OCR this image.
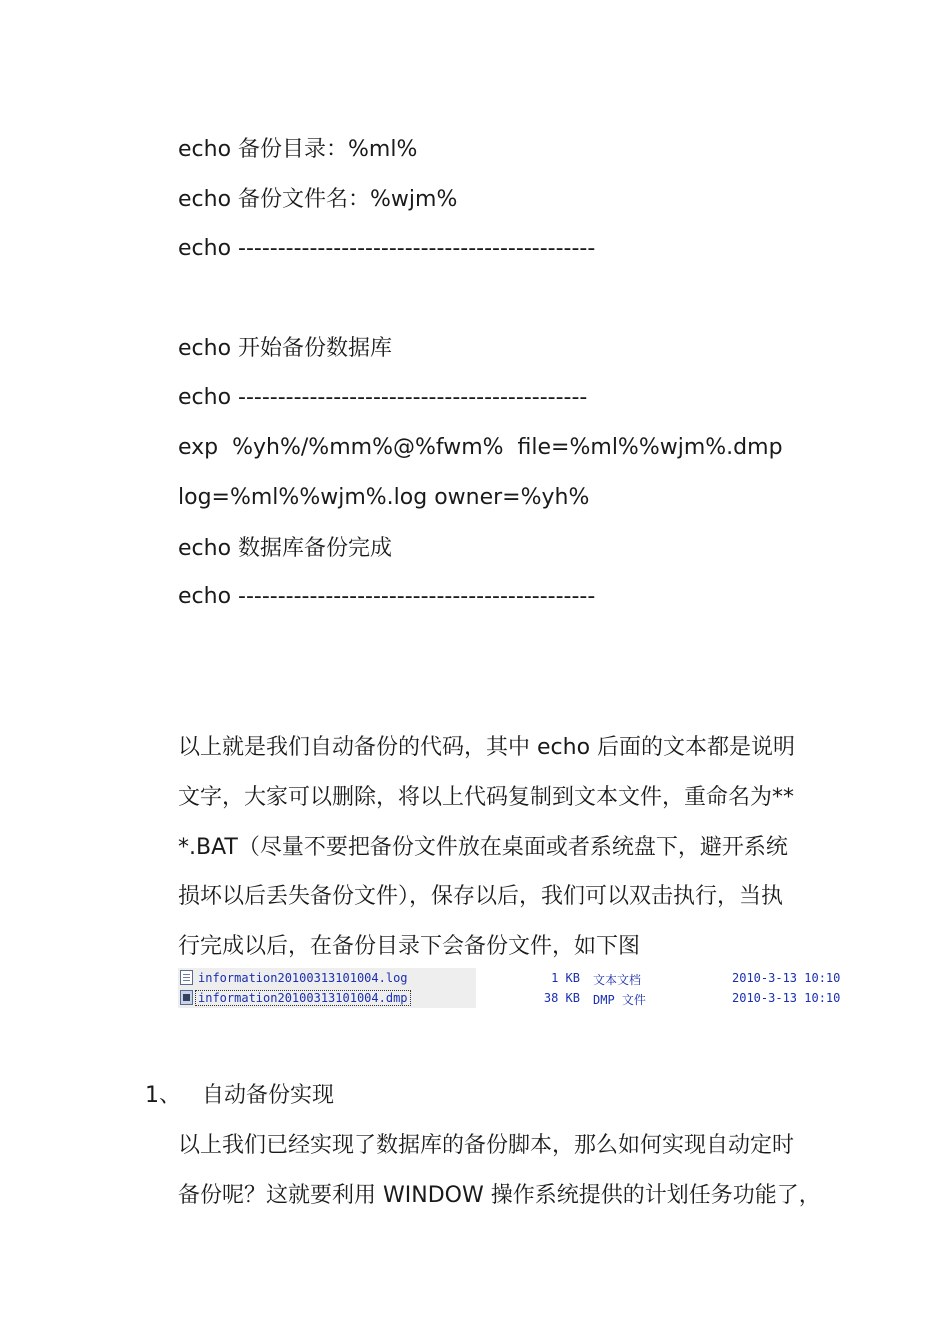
echo 备份目录：%ml%
echo 备份文件名：%wjm%
echo ---------------------------------------------
echo 开始备份数据库
echo --------------------------------------------
exp  %yh%/%mm%@%fwm%  file=%ml%%wjm%.dmp
log=%ml%%wjm%.log owner=%yh%
echo 数据库备份完成
echo ---------------------------------------------
以上就是我们自动备份的代码，其中 echo 后面的文本都是说明
文字，大家可以删除，将以上代码复制到文本文件，重命名为**
*.BAT（尽量不要把备份文件放在桌面或者系统盘下，避开系统
损坏以后丢失备份文件），保存以后，我们可以双击执行，当执
行完成以后，在备份目录下会备份文件，如下图
information20100313101004.log	1 KB 文本文档	2010-3-13 10:10
information20100313101004.dmp	38 KB DMP 文件	2010-3-13 10:10
1、 自动备份实现
以上我们已经实现了数据库的备份脚本，那么如何实现自动定时
备份呢？这就要利用 WINDOW 操作系统提供的计划任务功能了，
